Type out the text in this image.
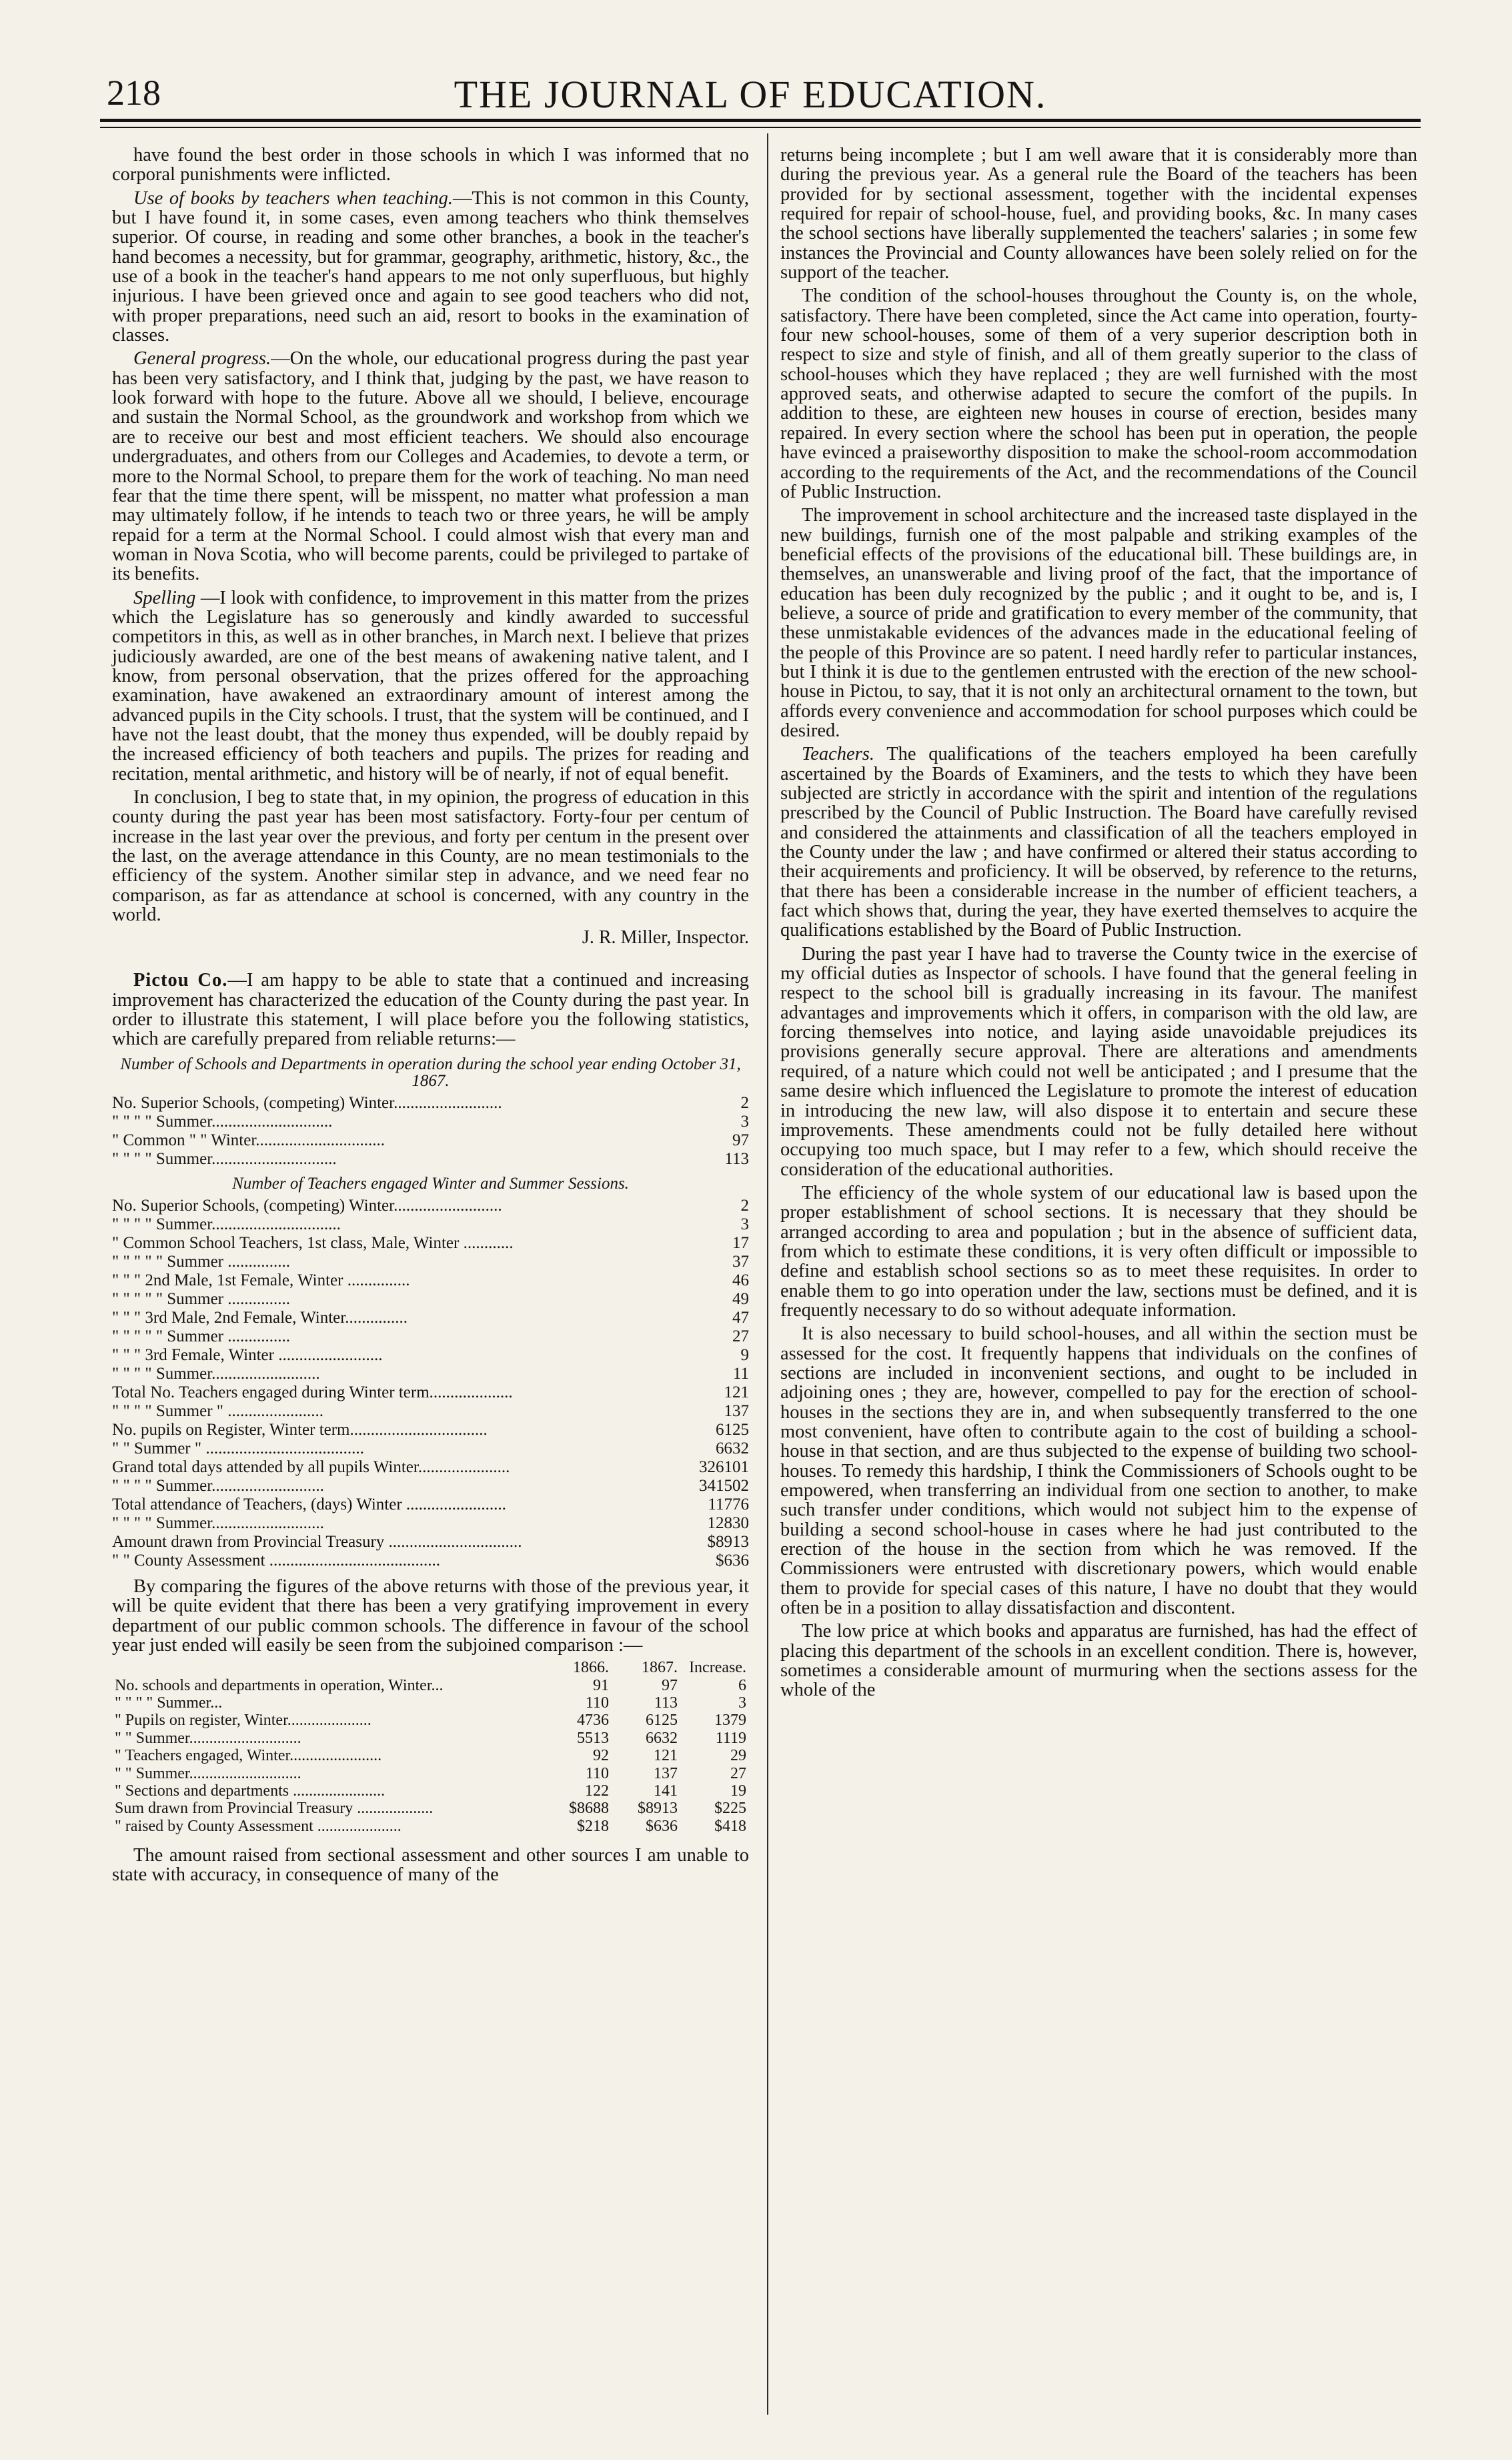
218	THE JOURNAL OF EDUCATION.

have found the best order in those schools in which I was informed that no corporal punishments were inflicted.

Use of books by teachers when teaching.—This is not common in this County, but I have found it, in some cases, even among teachers who think themselves superior. Of course, in reading and some other branches, a book in the teacher's hand becomes a necessity, but for grammar, geography, arithmetic, history, &c., the use of a book in the teacher's hand appears to me not only superfluous, but highly injurious. I have been grieved once and again to see good teachers who did not, with proper preparations, need such an aid, resort to books in the examination of classes.

General progress.—On the whole, our educational progress during the past year has been very satisfactory, and I think that, judging by the past, we have reason to look forward with hope to the future. Above all we should, I believe, encourage and sustain the Normal School, as the groundwork and workshop from which we are to receive our best and most efficient teachers. We should also encourage undergraduates, and others from our Colleges and Academies, to devote a term, or more to the Normal School, to prepare them for the work of teaching. No man need fear that the time there spent, will be misspent, no matter what profession a man may ultimately follow, if he intends to teach two or three years, he will be amply repaid for a term at the Normal School. I could almost wish that every man and woman in Nova Scotia, who will become parents, could be privileged to partake of its benefits.

Spelling —I look with confidence, to improvement in this matter from the prizes which the Legislature has so generously and kindly awarded to successful competitors in this, as well as in other branches, in March next. I believe that prizes judiciously awarded, are one of the best means of awakening native talent, and I know, from personal observation, that the prizes offered for the approaching examination, have awakened an extraordinary amount of interest among the advanced pupils in the City schools. I trust, that the system will be continued, and I have not the least doubt, that the money thus expended, will be doubly repaid by the increased efficiency of both teachers and pupils. The prizes for reading and recitation, mental arithmetic, and history will be of nearly, if not of equal benefit.

In conclusion, I beg to state that, in my opinion, the progress of education in this county during the past year has been most satisfactory. Forty-four per centum of increase in the last year over the previous, and forty per centum in the present over the last, on the average attendance in this County, are no mean testimonials to the efficiency of the system. Another similar step in advance, and we need fear no comparison, as far as attendance at school is concerned, with any country in the world.

J. R. Miller, Inspector.

Pictou Co.—I am happy to be able to state that a continued and increasing improvement has characterized the education of the County during the past year. In order to illustrate this statement, I will place before you the following statistics, which are carefully prepared from reliable returns:—

Number of Schools and Departments in operation during the school year ending October 31, 1867.
No. Superior Schools, (competing) Winter..........................	2
" " " " Summer.............................	3
" Common " " Winter...............................	97
" " " " Summer..............................	113
Number of Teachers engaged Winter and Summer Sessions.
No. Superior Schools, (competing) Winter..........................	2
" " " " Summer...............................	3
" Common School Teachers, 1st class, Male, Winter ............	17
" " " " " Summer ...............	37
" " " 2nd Male, 1st Female, Winter ...............	46
" " " " " Summer ...............	49
" " " 3rd Male, 2nd Female, Winter...............	47
" " " " " Summer ...............	27
" " " 3rd Female, Winter .........................	9
" " " " Summer..........................	11
Total No. Teachers engaged during Winter term....................	121
" " " " Summer " .......................	137
No. pupils on Register, Winter term.................................	6125
" " Summer " ......................................	6632
Grand total days attended by all pupils Winter......................	326101
" " " " Summer...........................	341502
Total attendance of Teachers, (days) Winter ........................	11776
" " " " Summer...........................	12830
Amount drawn from Provincial Treasury ................................	$8913
" " County Assessment .........................................	$636

By comparing the figures of the above returns with those of the previous year, it will be quite evident that there has been a very gratifying improvement in every department of our public common schools. The difference in favour of the school year just ended will easily be seen from the subjoined comparison :—

	1866.	1867.	Increase.
No. schools and departments in operation, Winter...	91	97	6
" " " " Summer...	110	113	3
" Pupils on register, Winter.....................	4736	6125	1379
" " Summer............................	5513	6632	1119
" Teachers engaged, Winter.......................	92	121	29
" " Summer............................	110	137	27
" Sections and departments .......................	122	141	19
Sum drawn from Provincial Treasury ...................	$8688	$8913	$225
" raised by County Assessment .....................	$218	$636	$418

The amount raised from sectional assessment and other sources I am unable to state with accuracy, in consequence of many of the

returns being incomplete ; but I am well aware that it is considerably more than during the previous year. As a general rule the Board of the teachers has been provided for by sectional assessment, together with the incidental expenses required for repair of school-house, fuel, and providing books, &c. In many cases the school sections have liberally supplemented the teachers' salaries ; in some few instances the Provincial and County allowances have been solely relied on for the support of the teacher.

The condition of the school-houses throughout the County is, on the whole, satisfactory. There have been completed, since the Act came into operation, fourty-four new school-houses, some of them of a very superior description both in respect to size and style of finish, and all of them greatly superior to the class of school-houses which they have replaced ; they are well furnished with the most approved seats, and otherwise adapted to secure the comfort of the pupils. In addition to these, are eighteen new houses in course of erection, besides many repaired. In every section where the school has been put in operation, the people have evinced a praiseworthy disposition to make the school-room accommodation according to the requirements of the Act, and the recommendations of the Council of Public Instruction.

The improvement in school architecture and the increased taste displayed in the new buildings, furnish one of the most palpable and striking examples of the beneficial effects of the provisions of the educational bill. These buildings are, in themselves, an unanswerable and living proof of the fact, that the importance of education has been duly recognized by the public ; and it ought to be, and is, I believe, a source of pride and gratification to every member of the community, that these unmistakable evidences of the advances made in the educational feeling of the people of this Province are so patent. I need hardly refer to particular instances, but I think it is due to the gentlemen entrusted with the erection of the new school-house in Pictou, to say, that it is not only an architectural ornament to the town, but affords every convenience and accommodation for school purposes which could be desired.

Teachers. The qualifications of the teachers employed ha been carefully ascertained by the Boards of Examiners, and the tests to which they have been subjected are strictly in accordance with the spirit and intention of the regulations prescribed by the Council of Public Instruction. The Board have carefully revised and considered the attainments and classification of all the teachers employed in the County under the law ; and have confirmed or altered their status according to their acquirements and proficiency. It will be observed, by reference to the returns, that there has been a considerable increase in the number of efficient teachers, a fact which shows that, during the year, they have exerted themselves to acquire the qualifications established by the Board of Public Instruction.

During the past year I have had to traverse the County twice in the exercise of my official duties as Inspector of schools. I have found that the general feeling in respect to the school bill is gradually increasing in its favour. The manifest advantages and improvements which it offers, in comparison with the old law, are forcing themselves into notice, and laying aside unavoidable prejudices its provisions generally secure approval. There are alterations and amendments required, of a nature which could not well be anticipated ; and I presume that the same desire which influenced the Legislature to promote the interest of education in introducing the new law, will also dispose it to entertain and secure these improvements. These amendments could not be fully detailed here without occupying too much space, but I may refer to a few, which should receive the consideration of the educational authorities.

The efficiency of the whole system of our educational law is based upon the proper establishment of school sections. It is necessary that they should be arranged according to area and population ; but in the absence of sufficient data, from which to estimate these conditions, it is very often difficult or impossible to define and establish school sections so as to meet these requisites. In order to enable them to go into operation under the law, sections must be defined, and it is frequently necessary to do so without adequate information.

It is also necessary to build school-houses, and all within the section must be assessed for the cost. It frequently happens that individuals on the confines of sections are included in inconvenient sections, and ought to be included in adjoining ones ; they are, however, compelled to pay for the erection of school-houses in the sections they are in, and when subsequently transferred to the one most convenient, have often to contribute again to the cost of building a school-house in that section, and are thus subjected to the expense of building two school-houses. To remedy this hardship, I think the Commissioners of Schools ought to be empowered, when transferring an individual from one section to another, to make such transfer under conditions, which would not subject him to the expense of building a second school-house in cases where he had just contributed to the erection of the house in the section from which he was removed. If the Commissioners were entrusted with discretionary powers, which would enable them to provide for special cases of this nature, I have no doubt that they would often be in a position to allay dissatisfaction and discontent.

The low price at which books and apparatus are furnished, has had the effect of placing this department of the schools in an excellent condition. There is, however, sometimes a considerable amount of murmuring when the sections assess for the whole of the
